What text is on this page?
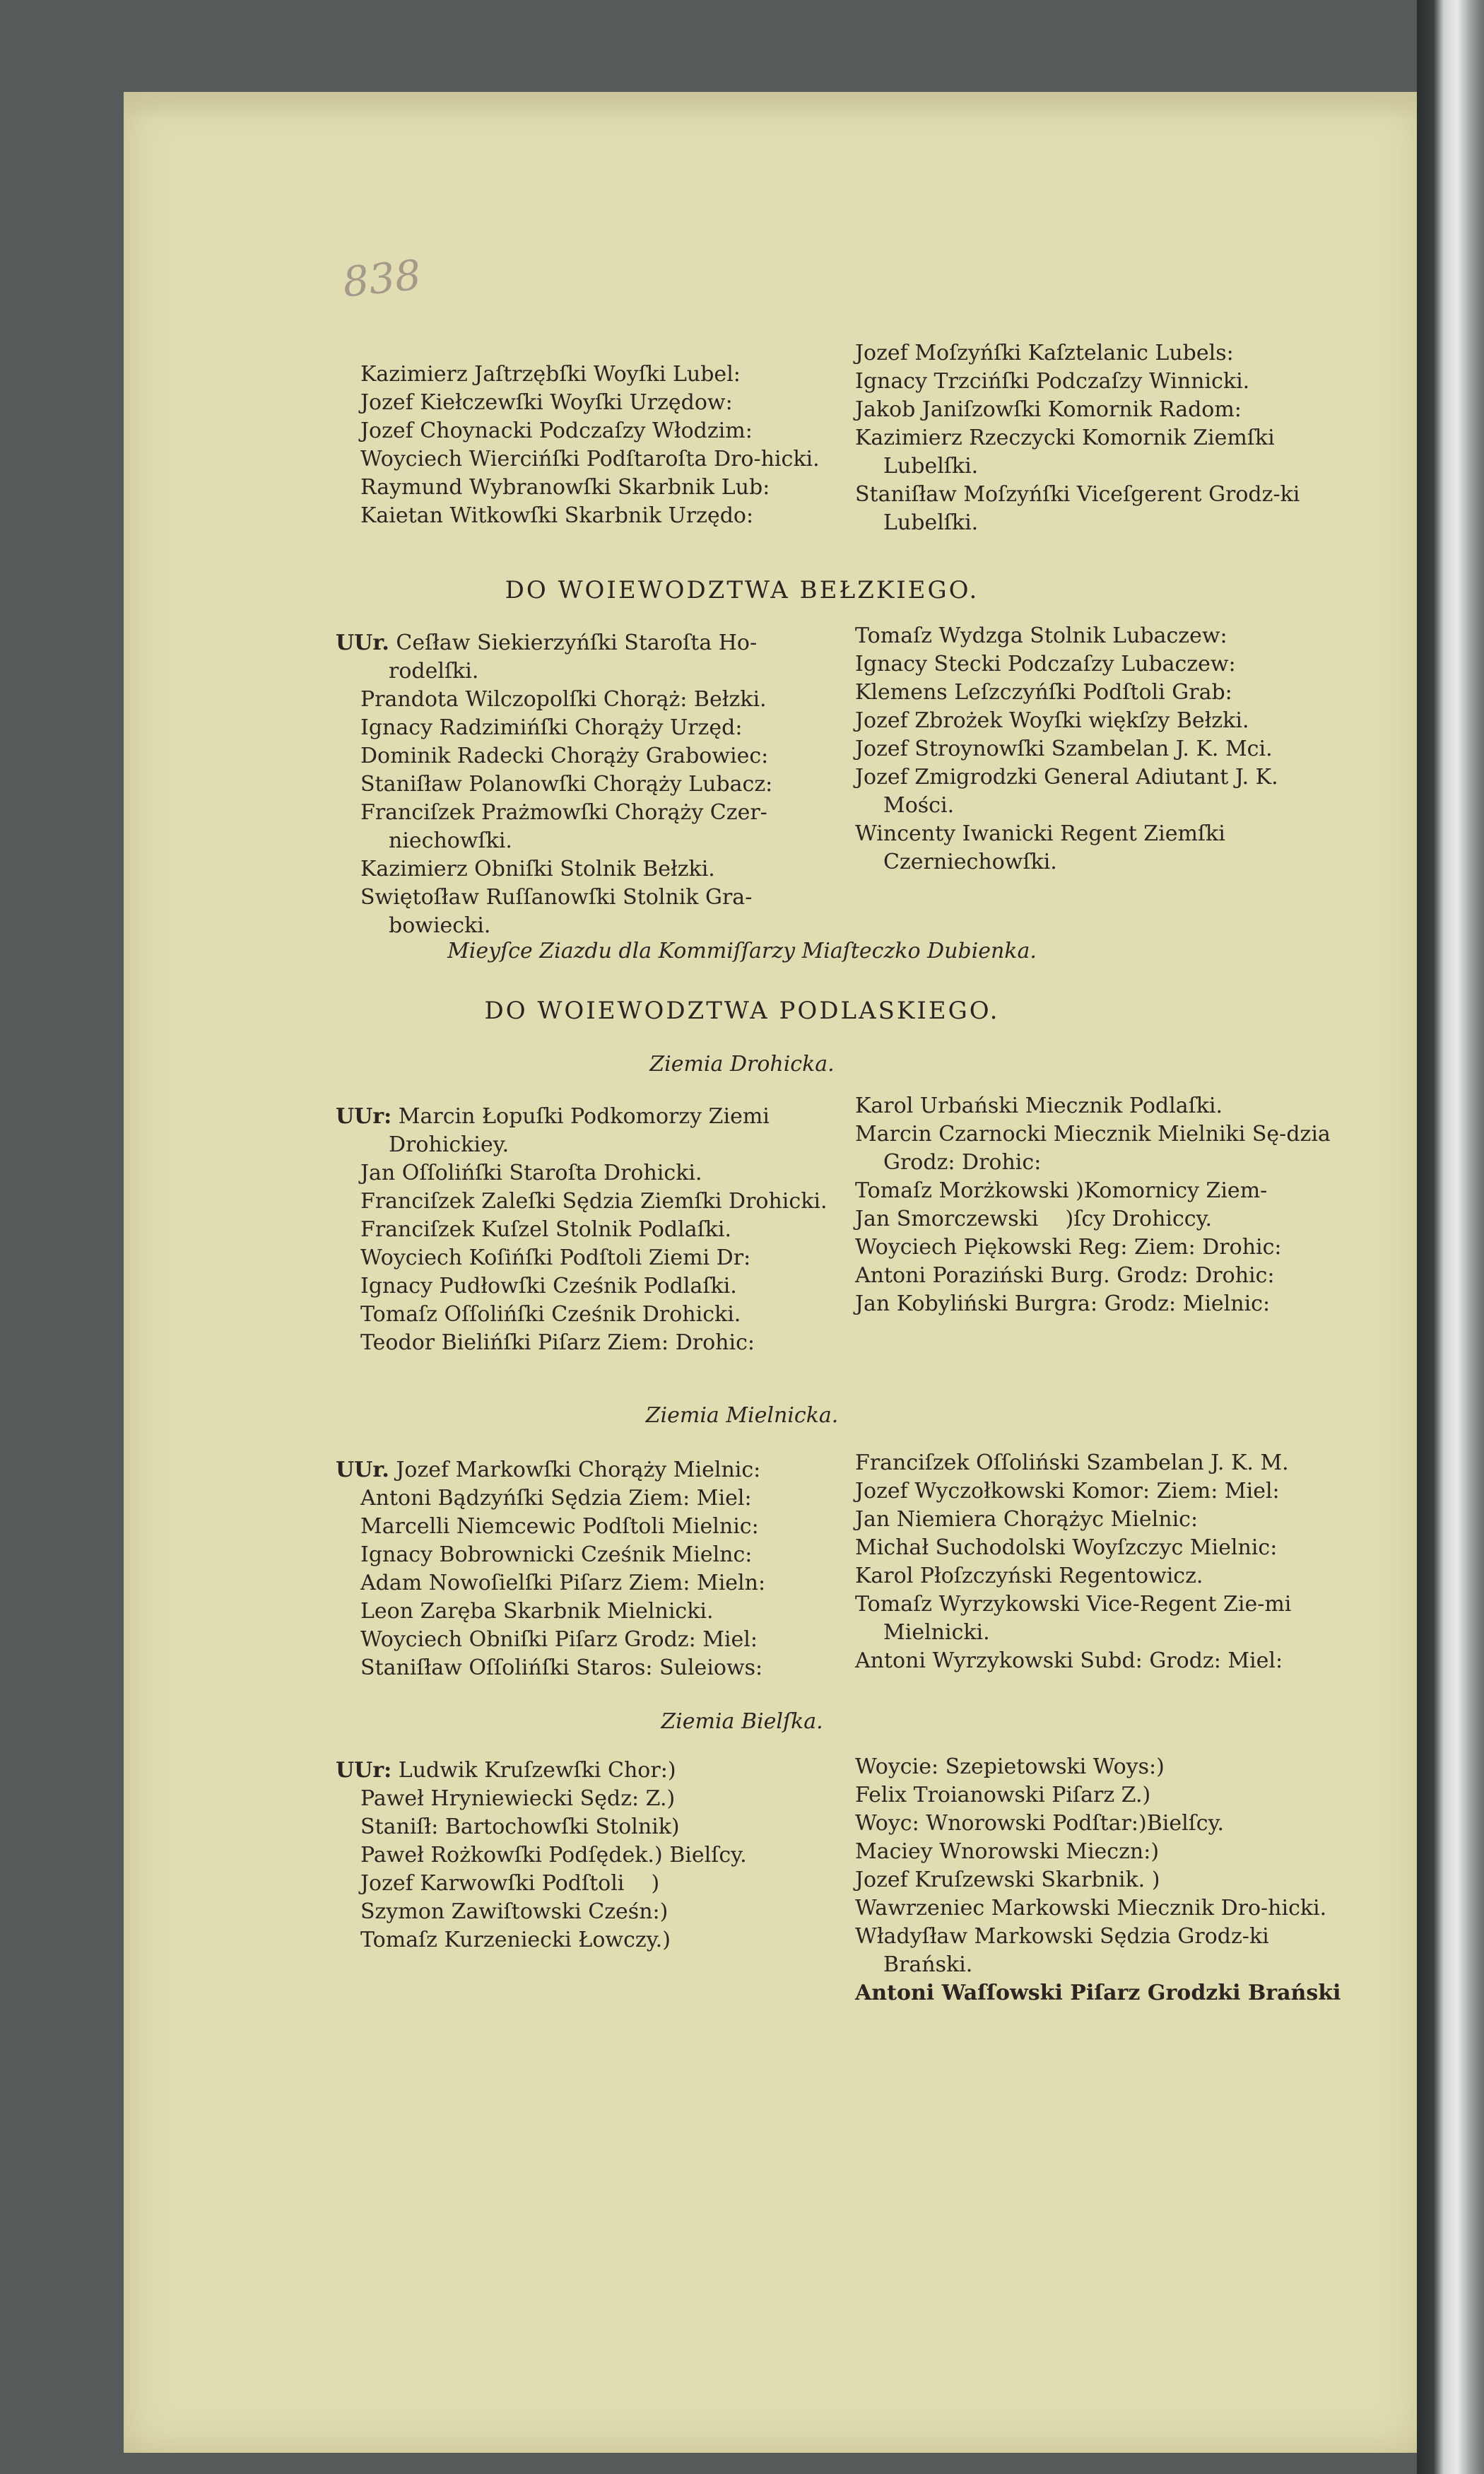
838
Kazimierz Jaſtrzębſki Woyſki Lubel:
Jozef Kiełczewſki Woyſki Urzędow:
Jozef Choynacki Podczaſzy Włodzim:
Woyciech Wiercińſki Podſtaroſta Dro-hicki.
Raymund Wybranowſki Skarbnik Lub:
Kaietan Witkowſki Skarbnik Urzędo:
Jozef Moſzyńſki Kaſztelanic Lubels:
Ignacy Trzcińſki Podczaſzy Winnicki.
Jakob Janiſzowſki Komornik Radom:
Kazimierz Rzeczycki Komornik Ziemſki Lubelſki.
Staniſław Moſzyńſki Viceſgerent Grodz-ki Lubelſki.
DO WOIEWODZTWA BEŁZKIEGO.
UUr. Ceſław Siekierzyńſki Staroſta Ho-rodelſki.
Prandota Wilczopolſki Chorąż: Bełzki.
Ignacy Radzimińſki Chorąży Urzęd:
Dominik Radecki Chorąży Grabowiec:
Staniſław Polanowſki Chorąży Lubacz:
Franciſzek Prażmowſki Chorąży Czer-niechowſki.
Kazimierz Obniſki Stolnik Bełzki.
Swiętoſław Ruſſanowſki Stolnik Gra-bowiecki.
Tomaſz Wydzga Stolnik Lubaczew:
Ignacy Stecki Podczaſzy Lubaczew:
Klemens Leſzczyńſki Podſtoli Grab:
Jozef Zbrożek Woyſki więkſzy Bełzki.
Jozef Stroynowſki Szambelan J. K. Mci.
Jozef Zmigrodzki General Adiutant J. K. Mości.
Wincenty Iwanicki Regent Ziemſki Czerniechowſki.
Mieyſce Ziazdu dla Kommiſſarzy Miaſteczko Dubienka.
DO WOIEWODZTWA PODLASKIEGO.
Ziemia Drohicka.
UUr: Marcin Łopuſki Podkomorzy Ziemi Drohickiey.
Jan Oſſolińſki Staroſta Drohicki.
Franciſzek Zaleſki Sędzia Ziemſki Drohicki.
Franciſzek Kuſzel Stolnik Podlaſki.
Woyciech Koſińſki Podſtoli Ziemi Dr:
Ignacy Pudłowſki Cześnik Podlaſki.
Tomaſz Oſſolińſki Cześnik Drohicki.
Teodor Bielińſki Piſarz Ziem: Drohic:
Karol Urbański Miecznik Podlaſki.
Marcin Czarnocki Miecznik Mielniki Sę-dzia Grodz: Drohic:
Tomaſz Morżkowski )Komornicy Ziem-
Jan Smorczewski    )ſcy Drohiccy.
Woyciech Piękowski Reg: Ziem: Drohic:
Antoni Poraziński Burg. Grodz: Drohic:
Jan Kobyliński Burgra: Grodz: Mielnic:
Ziemia Mielnicka.
UUr. Jozef Markowſki Chorąży Mielnic:
Antoni Bądzyńſki Sędzia Ziem: Miel:
Marcelli Niemcewic Podſtoli Mielnic:
Ignacy Bobrownicki Cześnik Mielnc:
Adam Nowoſielſki Piſarz Ziem: Mieln:
Leon Zaręba Skarbnik Mielnicki.
Woyciech Obniſki Piſarz Grodz: Miel:
Staniſław Oſſolińſki Staros: Suleiows:
Franciſzek Oſſoliński Szambelan J. K. M.
Jozef Wyczołkowski Komor: Ziem: Miel:
Jan Niemiera Chorążyc Mielnic:
Michał Suchodolski Woyſzczyc Mielnic:
Karol Płoſzczyński Regentowicz.
Tomaſz Wyrzykowski Vice-Regent Zie-mi Mielnicki.
Antoni Wyrzykowski Subd: Grodz: Miel:
Ziemia Bielſka.
UUr: Ludwik Kruſzewſki Chor:)
Paweł Hryniewiecki Sędz: Z.)
Staniſł: Bartochowſki Stolnik)
Paweł Rożkowſki Podſędek.) Bielſcy.
Jozef Karwowſki Podſtoli    )
Szymon Zawiſtowski Cześn:)
Tomaſz Kurzeniecki Łowczy.)
Woycie: Szepietowski Woys:)
Felix Troianowski Piſarz Z.)
Woyc: Wnorowski Podſtar:)Bielſcy.
Maciey Wnorowski Mieczn:)
Jozef Kruſzewski Skarbnik. )
Wawrzeniec Markowski Miecznik Dro-hicki.
Władyſław Markowski Sędzia Grodz-ki Brański.
Antoni Waſſowski Piſarz Grodzki Brański
